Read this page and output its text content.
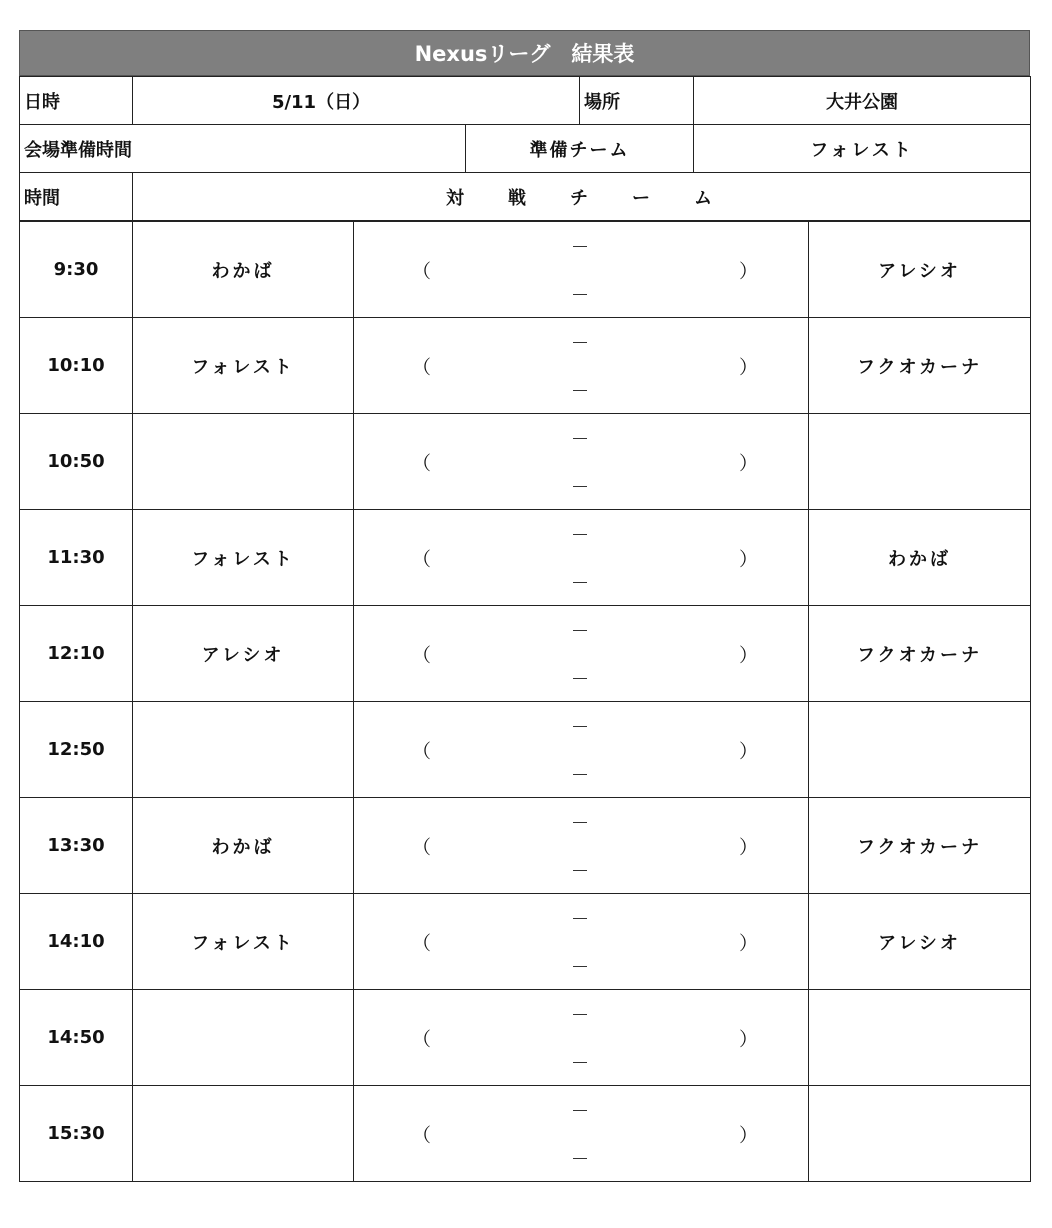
Nexusリーグ　結果表
日時	5/11（日）		場所	大井公園
会場準備時間		準備チーム		フォレスト
時間	対 戦 チ ー ム			
9:30	わかば	（ ）	アレシオ
10:10	フォレスト	（ ）	フクオカーナ
10:50		（ ）	

11:30	フォレスト	（ ）	わかば
12:10	アレシオ	（ ）	フクオカーナ
12:50		（ ）	

13:30	わかば	（ ）	フクオカーナ
14:10	フォレスト	（ ）	アレシオ
14:50		（ ）	

15:30		（ ）	
